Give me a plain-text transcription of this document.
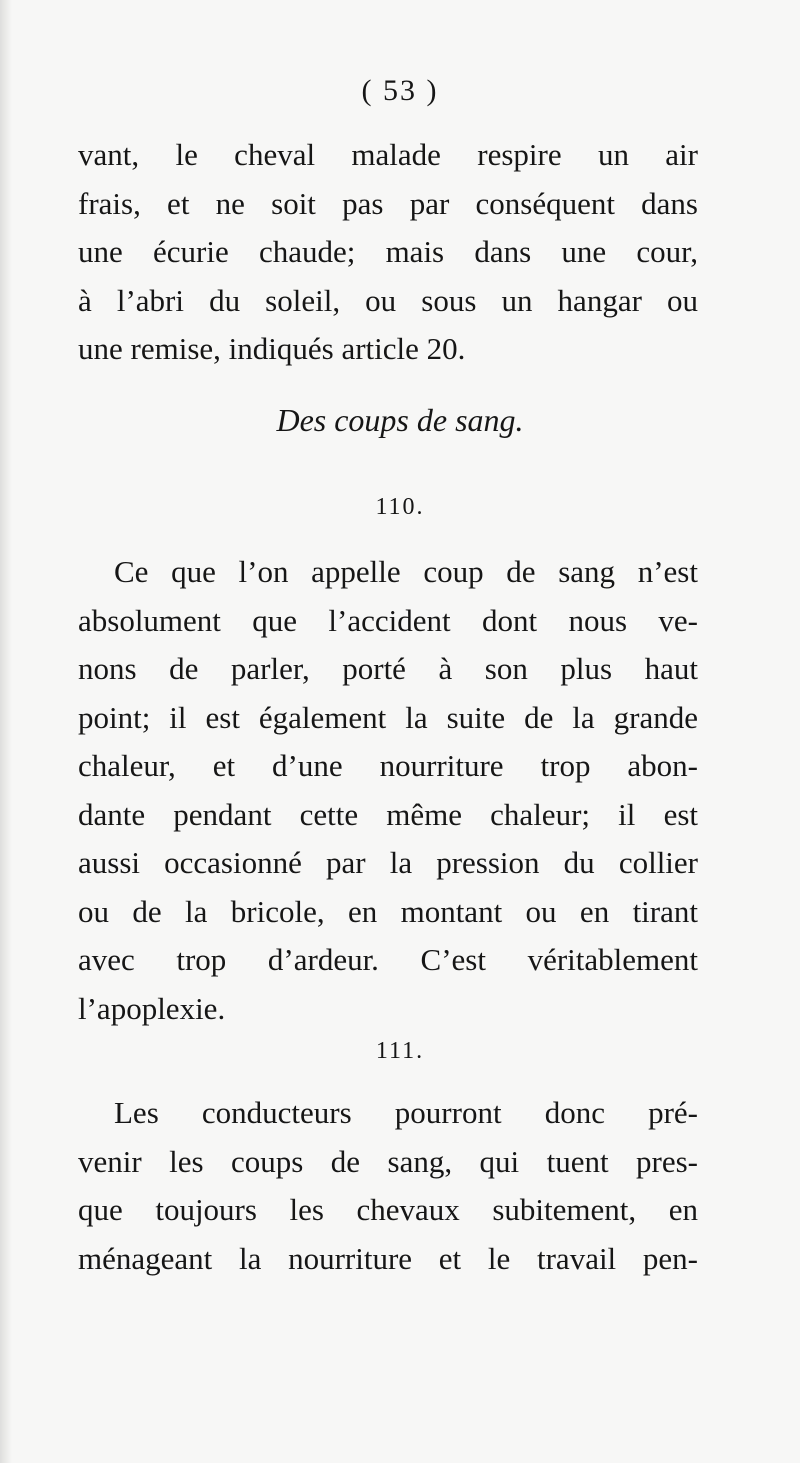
( 53 )
vant, le cheval malade respire un air
frais, et ne soit pas par conséquent dans
une écurie chaude; mais dans une cour,
à l’abri du soleil, ou sous un hangar ou
une remise, indiqués article 20.
Des coups de sang.
110.
Ce que l’on appelle coup de sang n’est
absolument que l’accident dont nous ve-
nons de parler, porté à son plus haut
point; il est également la suite de la grande
chaleur, et d’une nourriture trop abon-
dante pendant cette même chaleur; il est
aussi occasionné par la pression du collier
ou de la bricole, en montant ou en tirant
avec trop d’ardeur. C’est véritablement
l’apoplexie.
111.
Les conducteurs pourront donc pré-
venir les coups de sang, qui tuent pres-
que toujours les chevaux subitement, en
ménageant la nourriture et le travail pen-
